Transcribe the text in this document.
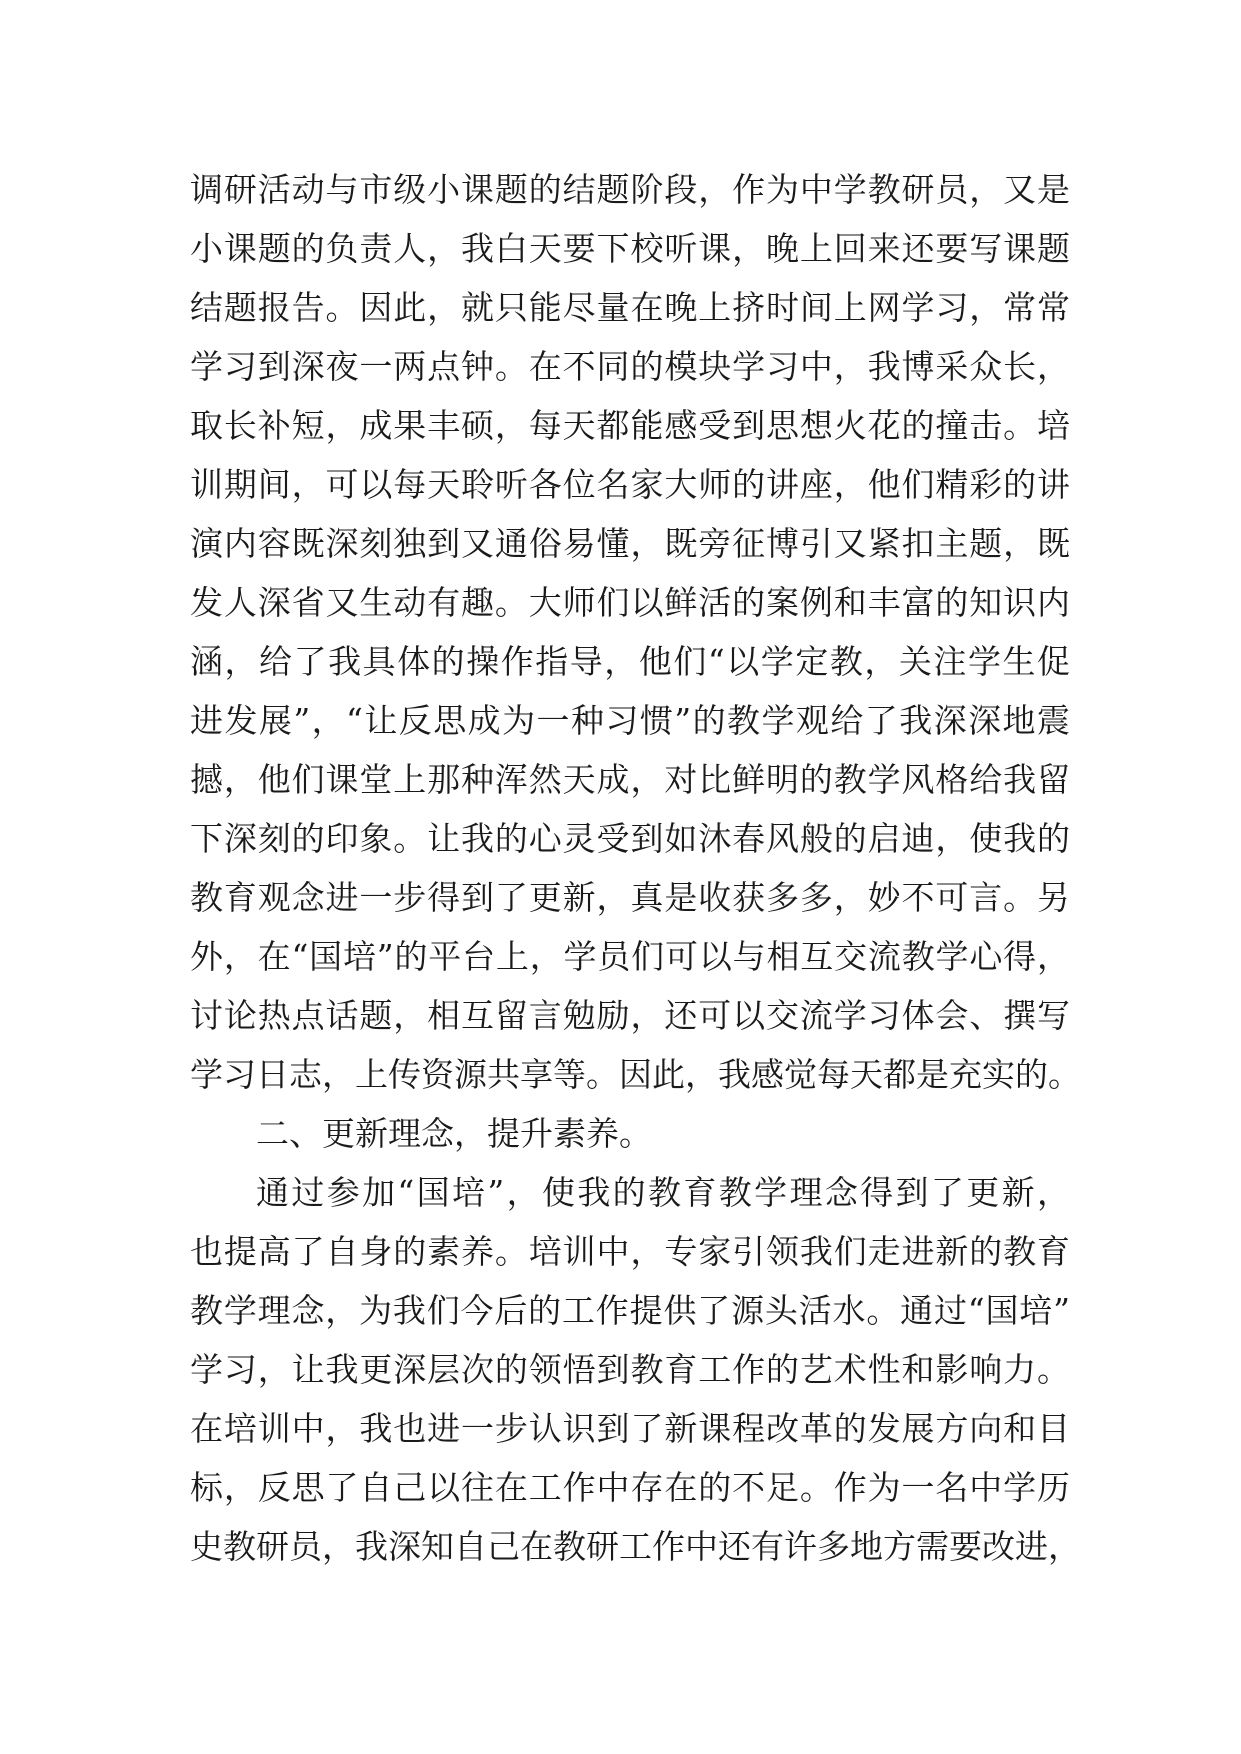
调研活动与市级小课题的结题阶段，作为中学教研员，又是
小课题的负责人，我白天要下校听课，晚上回来还要写课题
结题报告。因此，就只能尽量在晚上挤时间上网学习，常常
学习到深夜一两点钟。在不同的模块学习中，我博采众长，
取长补短，成果丰硕，每天都能感受到思想火花的撞击。培
训期间，可以每天聆听各位名家大师的讲座，他们精彩的讲
演内容既深刻独到又通俗易懂，既旁征博引又紧扣主题，既
发人深省又生动有趣。大师们以鲜活的案例和丰富的知识内
涵，给了我具体的操作指导，他们“以学定教，关注学生促
进发展”，“让反思成为一种习惯”的教学观给了我深深地震
撼，他们课堂上那种浑然天成，对比鲜明的教学风格给我留
下深刻的印象。让我的心灵受到如沐春风般的启迪，使我的
教育观念进一步得到了更新，真是收获多多，妙不可言。另
外，在“国培”的平台上，学员们可以与相互交流教学心得，
讨论热点话题，相互留言勉励，还可以交流学习体会、撰写
学习日志，上传资源共享等。因此，我感觉每天都是充实的。
二、更新理念，提升素养。
通过参加“国培”，使我的教育教学理念得到了更新，
也提高了自身的素养。培训中，专家引领我们走进新的教育
教学理念，为我们今后的工作提供了源头活水。通过“国培”
学习，让我更深层次的领悟到教育工作的艺术性和影响力。
在培训中，我也进一步认识到了新课程改革的发展方向和目
标，反思了自己以往在工作中存在的不足。作为一名中学历
史教研员，我深知自己在教研工作中还有许多地方需要改进，
